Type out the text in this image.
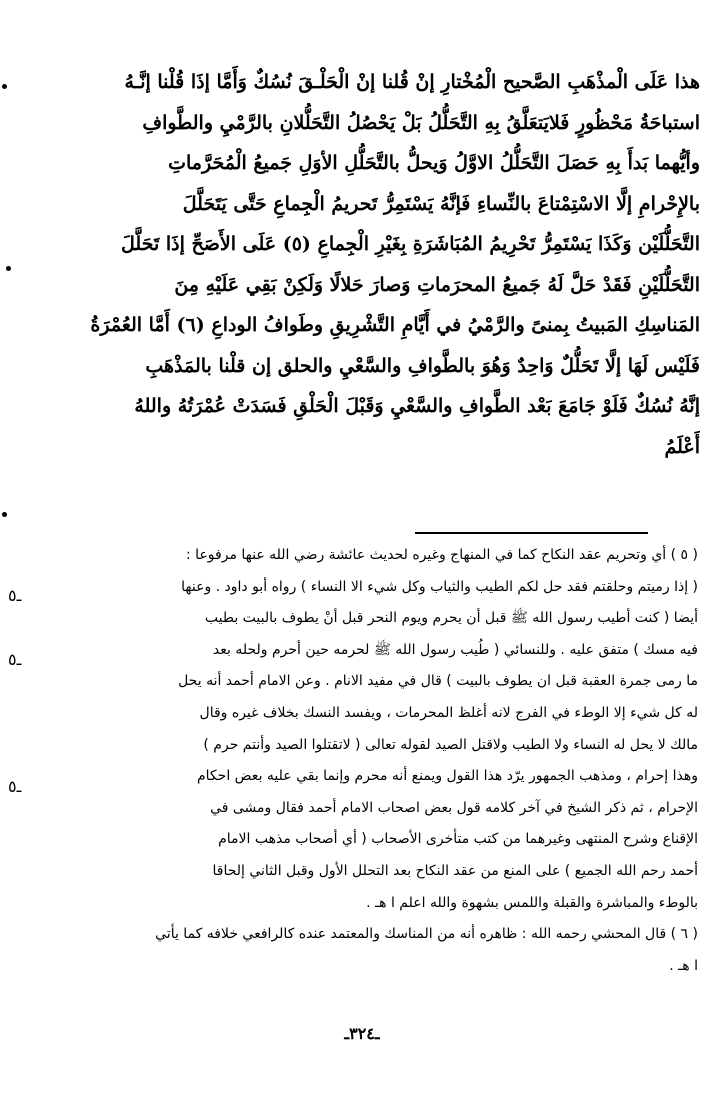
هذا عَلَى الْمذْهَبِ الصَّحيح الْمُخْتارِ إنْ قُلنا إنْ الْحَلْـقَ نُسُكٌ وَأَمَّا إذَا قُلْنا إنَّـهُ
استباحَةُ مَحْظُورٍ فَلايَتعَلَّقُ بِهِ التَّحَلُّلُ بَلْ يَحْصُلُ التَّحَلُّلانِ بالرَّمْيِ والطَّوافِ
وأيُّهما بَدأَ بِهِ حَصَلَ التَّحَلُّلُ الاوَّلُ وَيحلُّ بالتَّحَلُّلِ الأوَلِ جَميعُ الْمُحَرَّماتِ
بالإِحْرامِ إلَّا الاسْتِمْتاعَ بالنِّساءِ فَإنَّهُ يَسْتَمِرُّ تَحريمُ الْجِماعِ حَتَّى يَتَحَلَّلَ
التَّحَلُّلَيْن وَكَذَا يَسْتَمِرُّ تَحْرِيمُ المُبَاشَرَةِ بِغَيْرِ الْجِماعِ (٥) عَلَى الأَصَحِّ إذَا تَحَلَّلَ
التَّحَلُّلَيْنِ فَقَدْ حَلَّ لَهُ جَميعُ المحرَماتِ وَصارَ حَلالًا وَلَكِنْ بَقِي عَلَيْهِ مِنَ
المَناسِكِ المَبيتُ بِمنىً والرَّمْيُ في أَيَّامِ التَّشْرِيقِ وطَوافُ الوداعِ (٦) أَمَّا العُمْرَةُ
فَلَيْس لَهَا إلَّا تَحَلُّلٌ وَاحِدٌ وَهُوَ بالطَّوافِ والسَّعْيِ والحلق إن قلْنا بالمَذْهَبِ
إنَّهُ نُسُكٌ فَلَوْ جَامَعَ بَعْد الطَّوافِ والسَّعْيِ وَقَبْلَ الْحَلْقِ فَسَدَتْ عُمْرَتُهُ واللهُ
أَعْلَمُ
( ٥ ) أي وتحريم عقد النكاح كما في المنهاج وغيره لحديث عائشة رضي الله عنها مرفوعا :
( إذا رميتم وحلقتم فقد حل لكم الطيب والثياب وكل شيء الا النساء ) رواه أبو داود . وعنها
أيضا ( كنت أطيب رسول الله ﷺ قبل أن يحرم ويوم النحر قبل أنْ يطوف بالبيت بطيب
فيه مسك ) متفق عليه . وللنسائي ( طُيب رسول الله ﷺ لحرمه حين أحرم ولحله بعد
ما رمى جمرة العقبة قبل ان يطوف بالبيت ) قال في مفيد الانام . وعن الامام أحمد أنه يحل
له كل شيء إلا الوطء في الفرج لانه أغلظ المحرمات ، ويفسد النسك بخلاف غيره وقال
مالك لا يحل له النساء ولا الطيب ولاقتل الصيد لقوله تعالى ( لاتقتلوا الصيد وأنتم حرم )
وهذا إحرام ، ومذهب الجمهور يرّد هذا القول ويمنع أنه محرم وإنما بقي عليه بعض احكام
الإحرام ، ثم ذكر الشيخ في آخر كلامه قول بعض اصحاب الامام أحمد فقال ومشى في
الإقناع وشرح المنتهى وغيرهما من كتب متأخرى الأصحاب ( أي أصحاب مذهب الامام
أحمد رحم الله الجميع ) على المنع من عقد النكاح بعد التحلل الأول وقبل الثاني إلحاقا
بالوطء والمباشرة والقبلة واللمس بشهوة والله اعلم ا هـ .
( ٦ ) قال المحشي رحمه الله : ظاهره أنه من المناسك والمعتمد عنده كالرافعي خلافه كما يأتي
ا هـ .
ـ٥
ـ٥
ـ٥
ـ٣٢٤ـ
